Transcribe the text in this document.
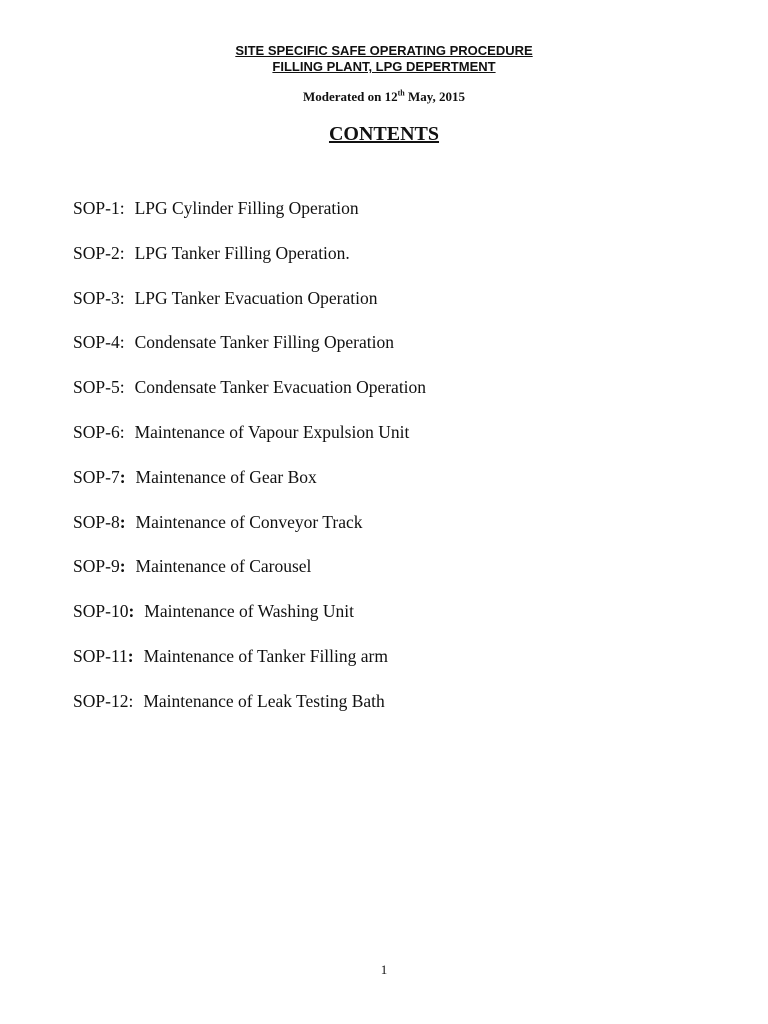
SITE SPECIFIC SAFE OPERATING PROCEDURE
FILLING PLANT, LPG DEPERTMENT
Moderated on 12th May, 2015
CONTENTS
SOP-1: LPG Cylinder Filling Operation
SOP-2: LPG Tanker Filling Operation.
SOP-3: LPG Tanker Evacuation Operation
SOP-4: Condensate Tanker Filling Operation
SOP-5: Condensate Tanker Evacuation Operation
SOP-6: Maintenance of Vapour Expulsion Unit
SOP-7: Maintenance of Gear Box
SOP-8: Maintenance of Conveyor Track
SOP-9: Maintenance of Carousel
SOP-10: Maintenance of Washing Unit
SOP-11: Maintenance of Tanker Filling arm
SOP-12: Maintenance of Leak Testing Bath
1
